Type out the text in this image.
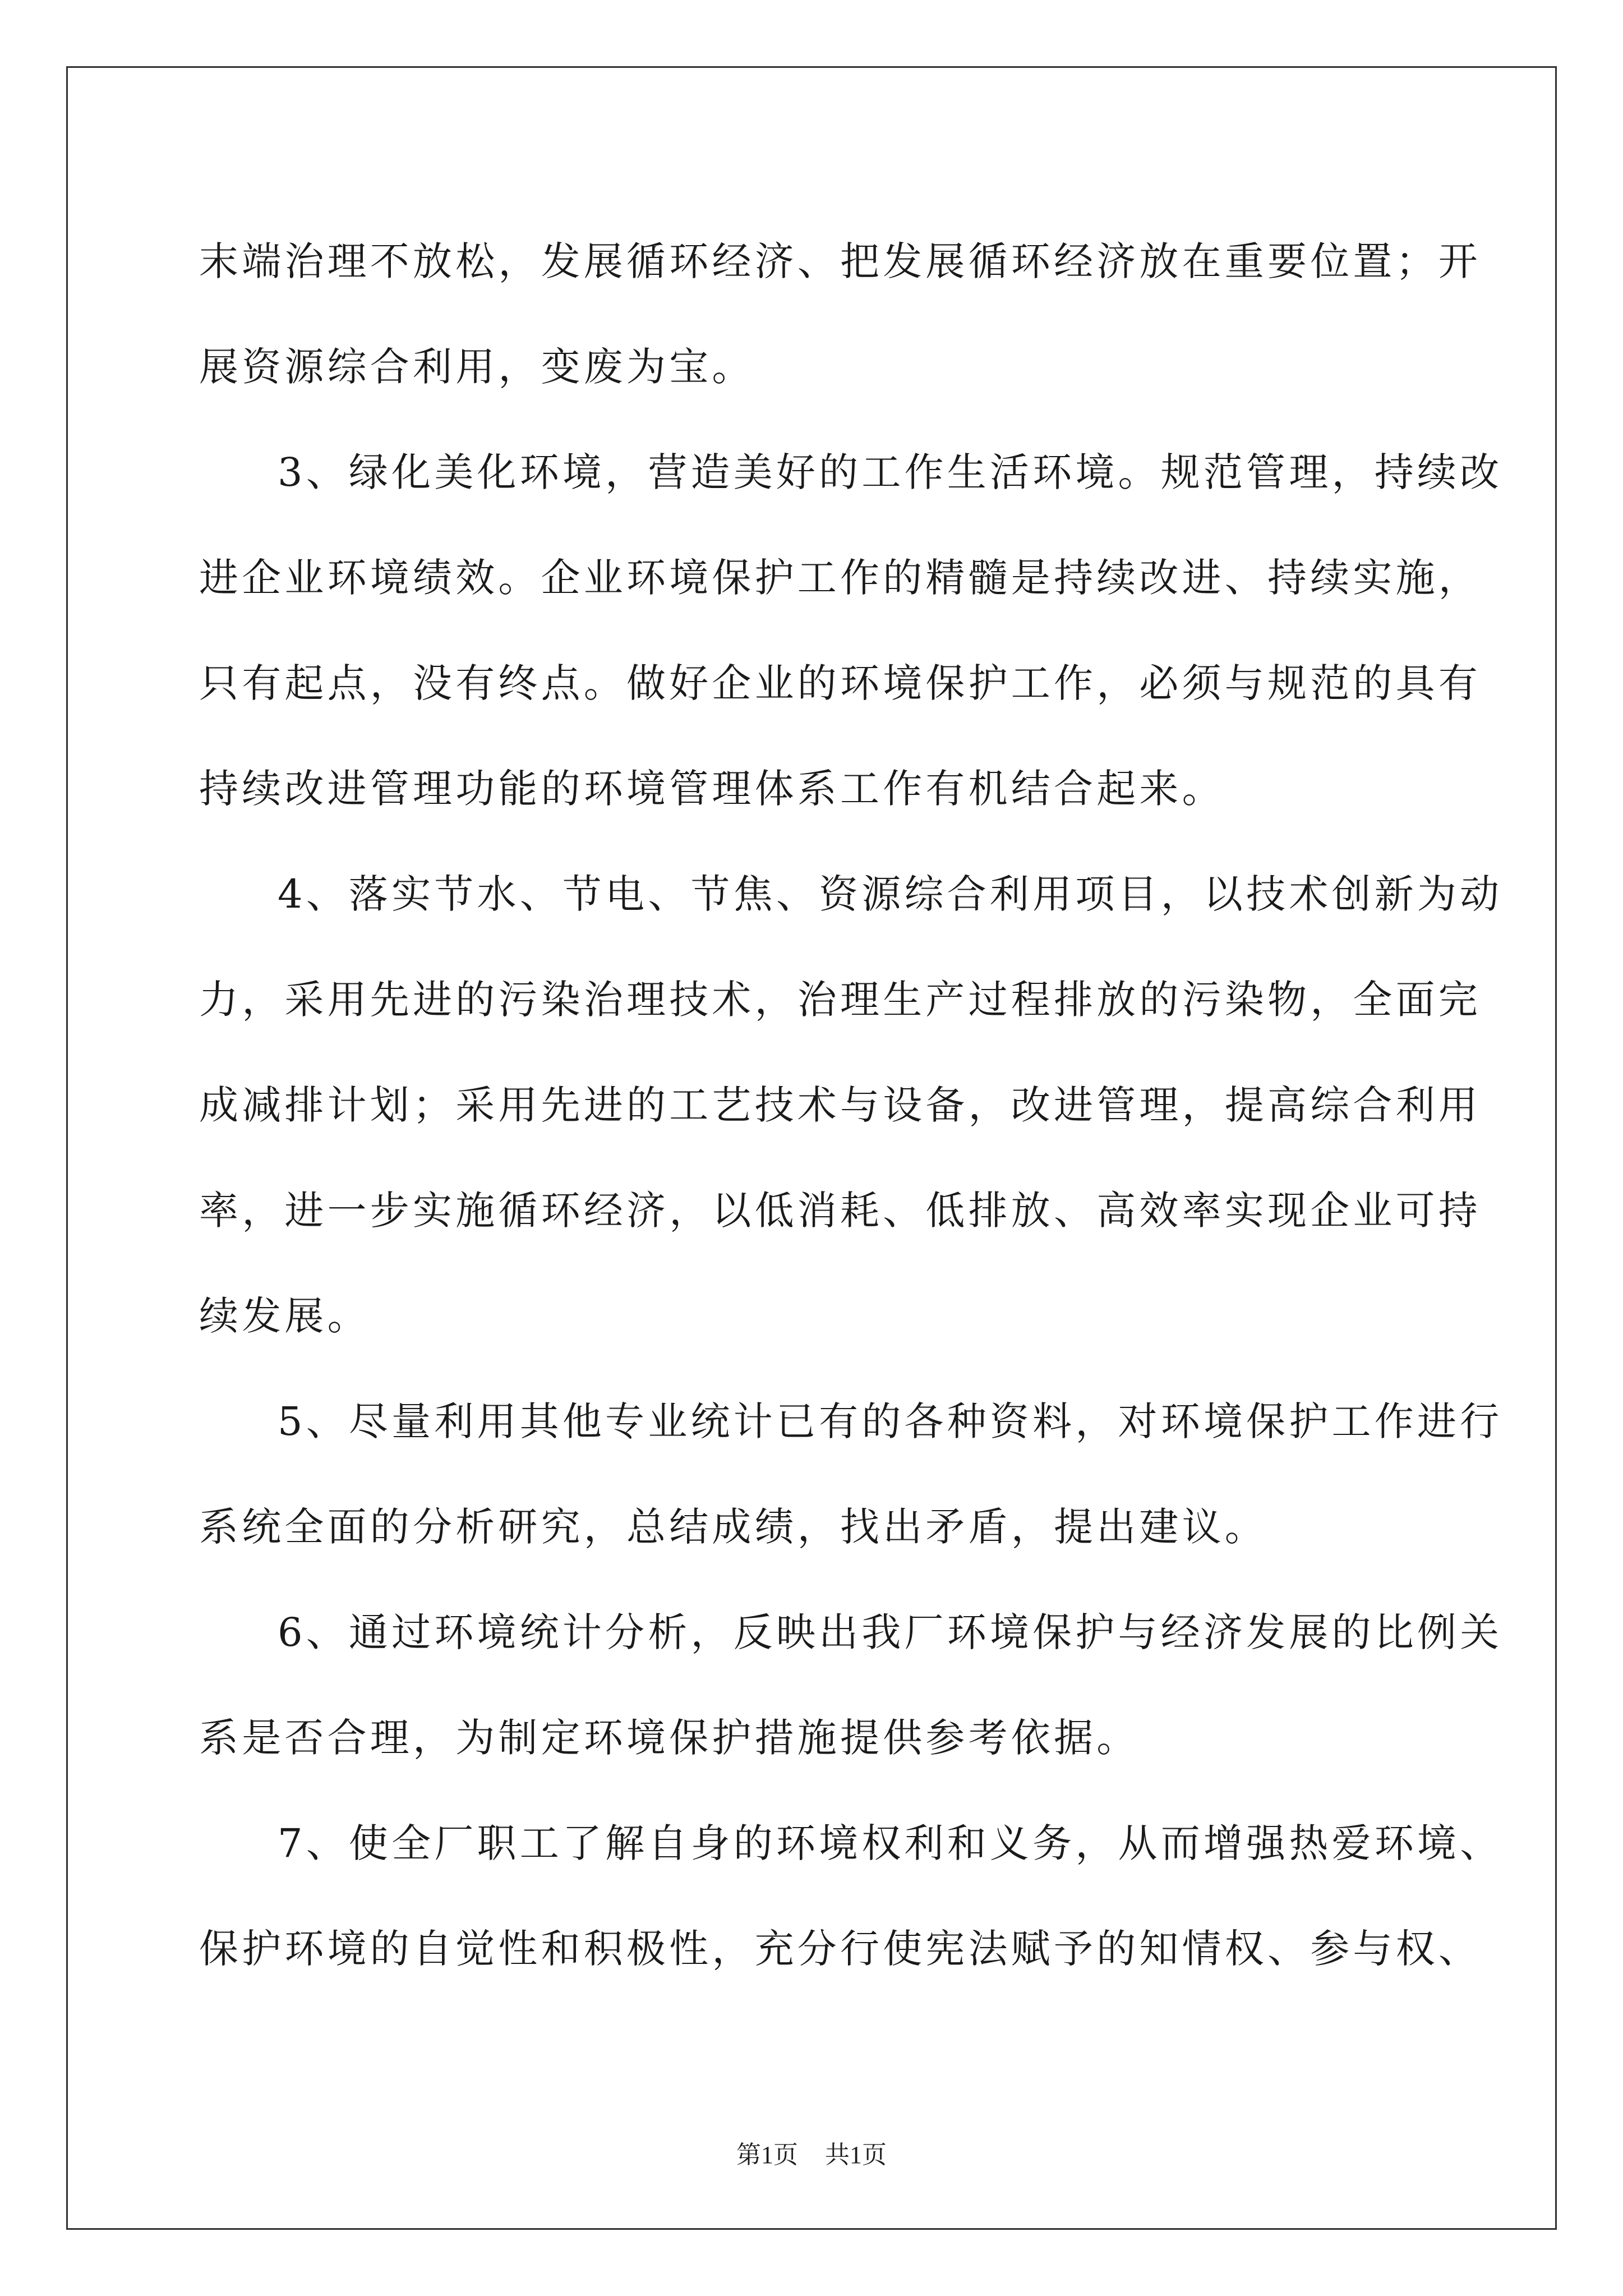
末端治理不放松，发展循环经济、把发展循环经济放在重要位置；开
展资源综合利用，变废为宝。
3、绿化美化环境，营造美好的工作生活环境。规范管理，持续改
进企业环境绩效。企业环境保护工作的精髓是持续改进、持续实施，
只有起点，没有终点。做好企业的环境保护工作，必须与规范的具有
持续改进管理功能的环境管理体系工作有机结合起来。
4、落实节水、节电、节焦、资源综合利用项目，以技术创新为动
力，采用先进的污染治理技术，治理生产过程排放的污染物，全面完
成减排计划；采用先进的工艺技术与设备，改进管理，提高综合利用
率，进一步实施循环经济，以低消耗、低排放、高效率实现企业可持
续发展。
5、尽量利用其他专业统计已有的各种资料，对环境保护工作进行
系统全面的分析研究，总结成绩，找出矛盾，提出建议。
6、通过环境统计分析，反映出我厂环境保护与经济发展的比例关
系是否合理，为制定环境保护措施提供参考依据。
7、使全厂职工了解自身的环境权利和义务，从而增强热爱环境、
保护环境的自觉性和积极性，充分行使宪法赋予的知情权、参与权、
第1页 共1页
